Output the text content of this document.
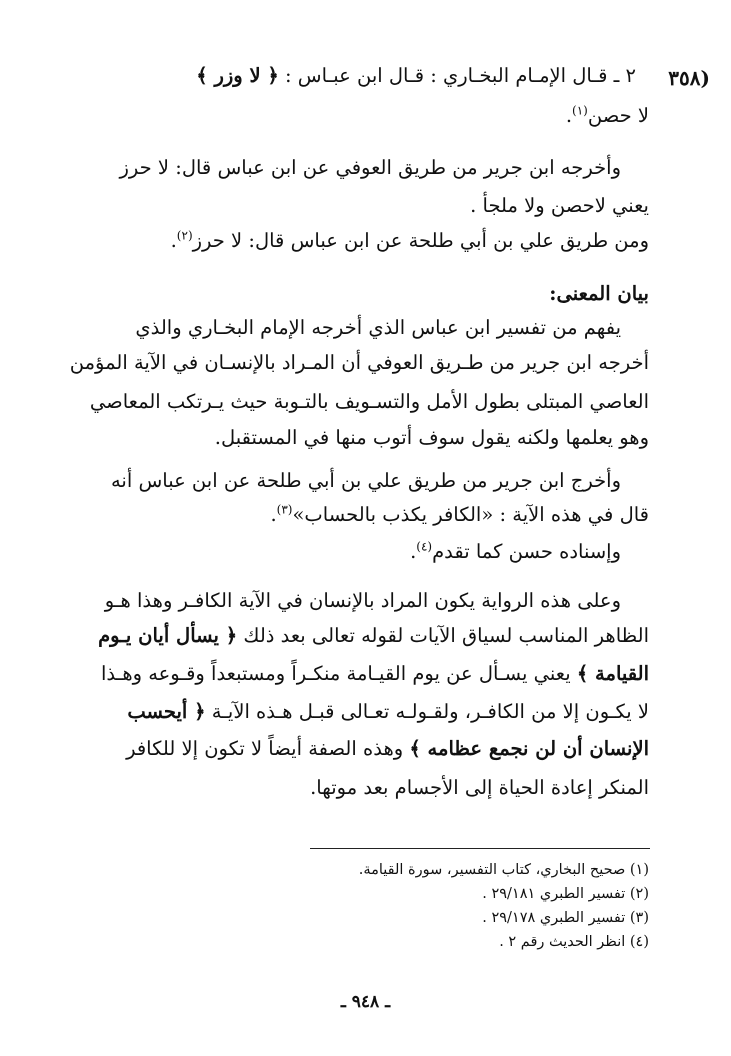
(٣٥٨
٢ ـ قـال الإمـام البخـاري : قـال ابن عبـاس : ﴿ لا وزر ﴾
لا حصن$^{(١)}$.
وأخرجه ابن جرير من طريق العوفي عن ابن عباس قال: لا حرز
يعني لاحصن ولا ملجأ .
ومن طريق علي بن أبي طلحة عن ابن عباس قال: لا حرز$^{(٢)}$.
بيان المعنى:
يفهم من تفسير ابن عباس الذي أخرجه الإمام البخـاري والذي
أخرجه ابن جرير من طـريق العوفي أن المـراد بالإنسـان في الآية المؤمن
العاصي المبتلى بطول الأمل والتسـويف بالتـوبة حيث يـرتكب المعاصي
وهو يعلمها ولكنه يقول سوف أتوب منها في المستقبل.
وأخرج ابن جرير من طريق علي بن أبي طلحة عن ابن عباس أنه
قال في هذه الآية : «الكافر يكذب بالحساب»$^{(٣)}$.
وإسناده حسن كما تقدم$^{(٤)}$.
وعلى هذه الرواية يكون المراد بالإنسان في الآية الكافـر وهذا هـو
الظاهر المناسب لسياق الآيات لقوله تعالى بعد ذلك ﴿ يسأل أيان يـوم
القيامة ﴾ يعني يسـأل عن يوم القيـامة منكـراً ومستبعداً وقـوعه وهـذا
لا يكـون إلا من الكافـر، ولقـولـه تعـالى قبـل هـذه الآيـة ﴿ أيحسب
الإنسان أن لن نجمع عظامه ﴾ وهذه الصفة أيضاً لا تكون إلا للكافر
المنكر إعادة الحياة إلى الأجسام بعد موتها.
(١) صحيح البخاري، كتاب التفسير، سورة القيامة.
(٢) تفسير الطبري ٢٩/١٨١ .
(٣) تفسير الطبري ٢٩/١٧٨ .
(٤) انظر الحديث رقم ٢ .
ـ ٩٤٨ ـ
